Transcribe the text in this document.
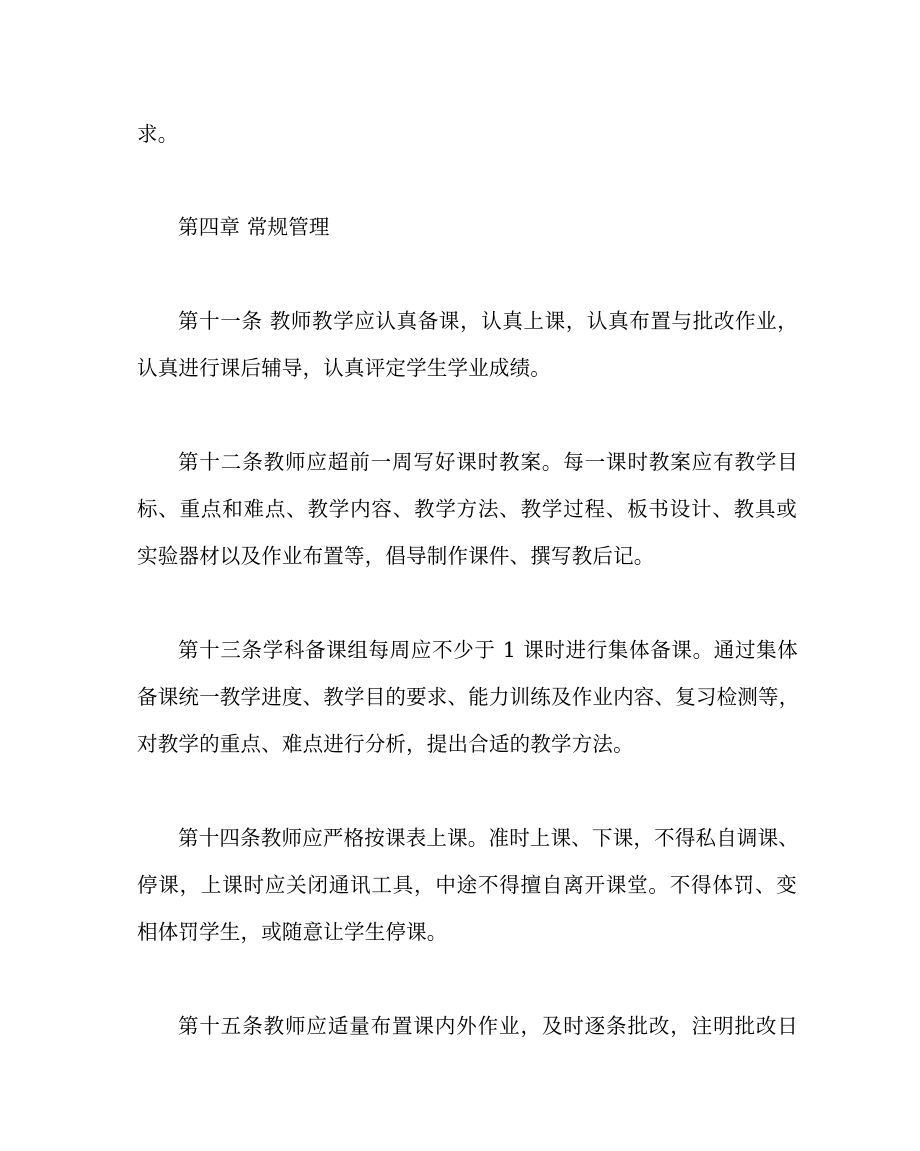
求。
第四章 常规管理
第十一条 教师教学应认真备课，认真上课，认真布置与批改作业，
认真进行课后辅导，认真评定学生学业成绩。
第十二条教师应超前一周写好课时教案。每一课时教案应有教学目
标、重点和难点、教学内容、教学方法、教学过程、板书设计、教具或
实验器材以及作业布置等，倡导制作课件、撰写教后记。
第十三条学科备课组每周应不少于 1 课时进行集体备课。通过集体
备课统一教学进度、教学目的要求、能力训练及作业内容、复习检测等，
对教学的重点、难点进行分析，提出合适的教学方法。
第十四条教师应严格按课表上课。准时上课、下课，不得私自调课、
停课，上课时应关闭通讯工具，中途不得擅自离开课堂。不得体罚、变
相体罚学生，或随意让学生停课。
第十五条教师应适量布置课内外作业，及时逐条批改，注明批改日
